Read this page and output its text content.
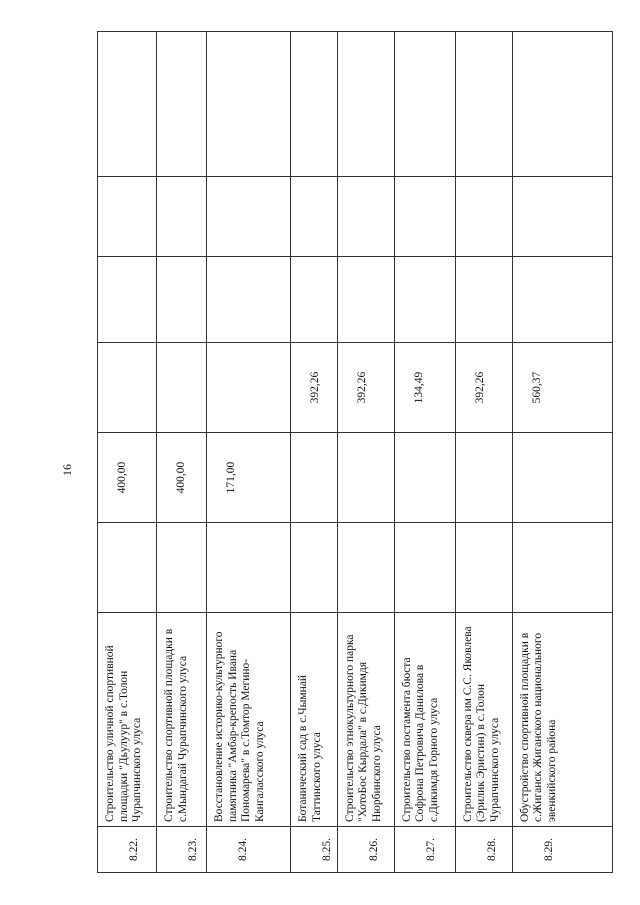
16
8.22.	Строительство уличной спортивной площадки "Дьулуур" в с.Толон Чурапчинского улуса		400,00				
8.23.	Строительство спортивной площадки в с.Мындагай Чурапчинского улуса		400,00				
8.24.	Восстановление историко-культурного памятника "Амбар-крепость Ивана Пономарева" в с.Томтор Мегино-Кангаласского улуса		171,00				
8.25.	Ботанический сад в с.Чымнай Таттинского улуса			392,26			
8.26.	Строительство этнокультурного парка "ХотоБос Кырдала" в с.Дикимдя Нюрбинского улуса			392,26			
8.27.	Строительство постамента бюста Софрона Петровича Данилова в с.Дикимдя Горного улуса			134,49			
8.28.	Строительство сквера им С.С. Яковлева (Эрилик Эристин) в с.Толон Чурапчинского улуса			392,26			
8.29.	Обустройство спортивной площадки в с.Жиганск Жиганского национального эвенкийского района			560,37			
